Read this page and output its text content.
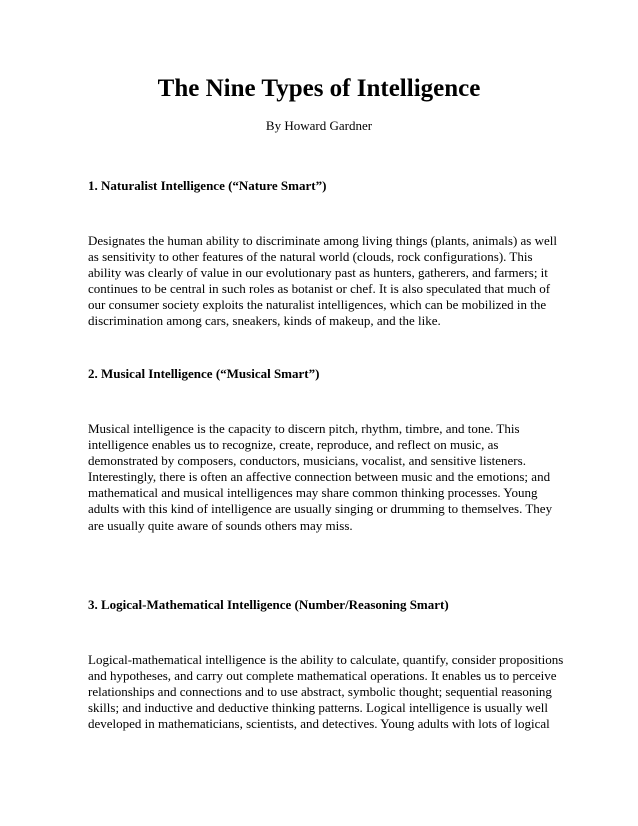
The Nine Types of Intelligence

By Howard Gardner

1. Naturalist Intelligence (“Nature Smart”)

Designates the human ability to discriminate among living things (plants, animals) as well
as sensitivity to other features of the natural world (clouds, rock configurations). This
ability was clearly of value in our evolutionary past as hunters, gatherers, and farmers; it
continues to be central in such roles as botanist or chef. It is also speculated that much of
our consumer society exploits the naturalist intelligences, which can be mobilized in the
discrimination among cars, sneakers, kinds of makeup, and the like.

2. Musical Intelligence (“Musical Smart”)

Musical intelligence is the capacity to discern pitch, rhythm, timbre, and tone. This
intelligence enables us to recognize, create, reproduce, and reflect on music, as
demonstrated by composers, conductors, musicians, vocalist, and sensitive listeners.
Interestingly, there is often an affective connection between music and the emotions; and
mathematical and musical intelligences may share common thinking processes. Young
adults with this kind of intelligence are usually singing or drumming to themselves. They
are usually quite aware of sounds others may miss.

3. Logical-Mathematical Intelligence (Number/Reasoning Smart)

Logical-mathematical intelligence is the ability to calculate, quantify, consider propositions
and hypotheses, and carry out complete mathematical operations. It enables us to perceive
relationships and connections and to use abstract, symbolic thought; sequential reasoning
skills; and inductive and deductive thinking patterns. Logical intelligence is usually well
developed in mathematicians, scientists, and detectives. Young adults with lots of logical
